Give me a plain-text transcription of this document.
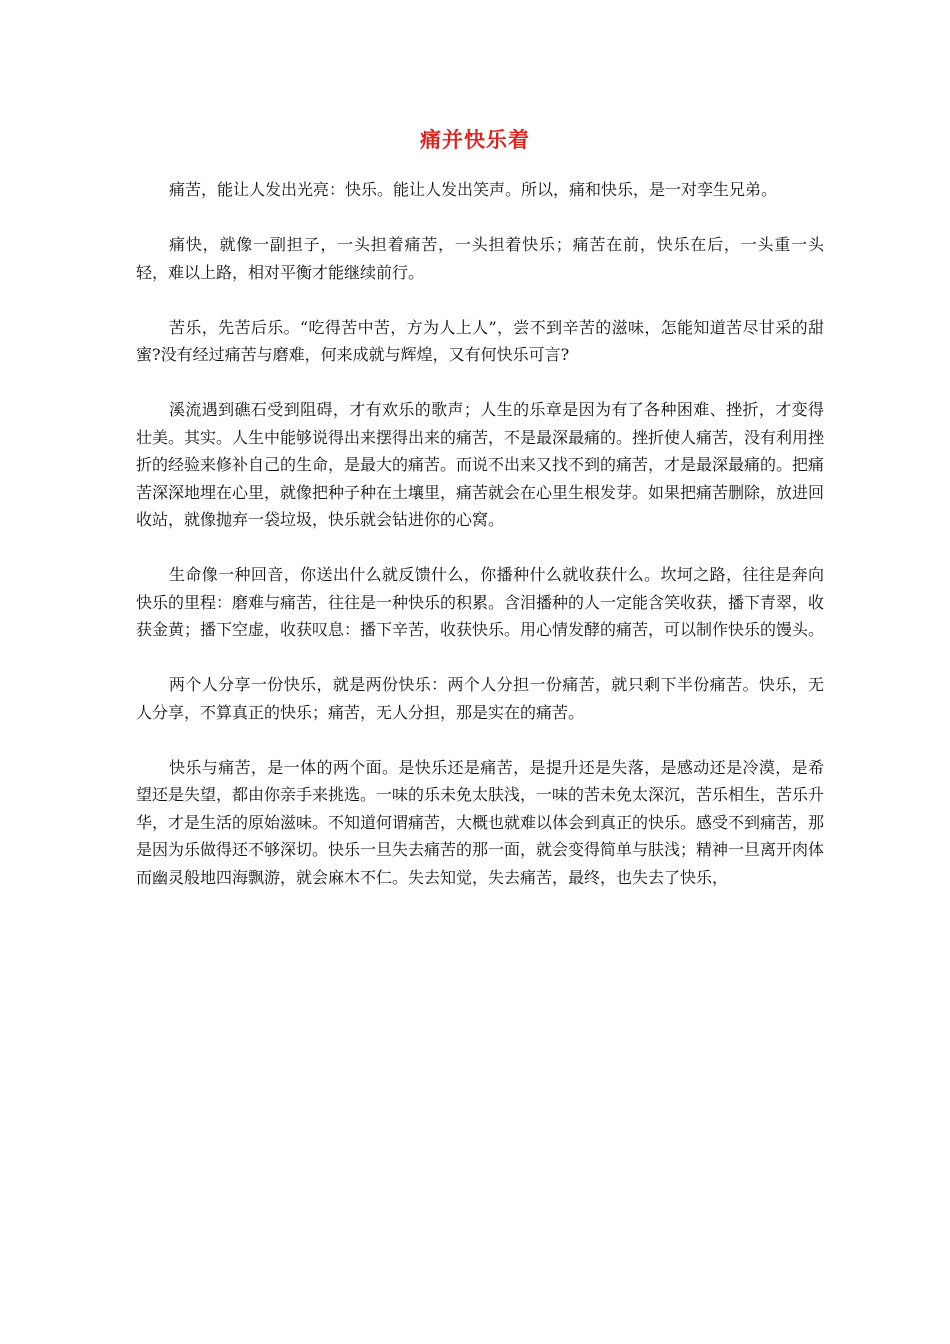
痛并快乐着

痛苦，能让人发出光亮：快乐。能让人发出笑声。所以，痛和快乐，是一对孪生兄弟。

痛快，就像一副担子，一头担着痛苦，一头担着快乐；痛苦在前，快乐在后，一头重一头轻，难以上路，相对平衡才能继续前行。

苦乐，先苦后乐。“吃得苦中苦，方为人上人”，尝不到辛苦的滋味，怎能知道苦尽甘采的甜蜜?没有经过痛苦与磨难，何来成就与辉煌，又有何快乐可言?

溪流遇到礁石受到阻碍，才有欢乐的歌声；人生的乐章是因为有了各种困难、挫折，才变得壮美。其实。人生中能够说得出来摆得出来的痛苦，不是最深最痛的。挫折使人痛苦，没有利用挫折的经验来修补自己的生命，是最大的痛苦。而说不出来又找不到的痛苦，才是最深最痛的。把痛苦深深地埋在心里，就像把种子种在土壤里，痛苦就会在心里生根发芽。如果把痛苦删除，放进回收站，就像抛弃一袋垃圾，快乐就会钻进你的心窝。

生命像一种回音，你送出什么就反馈什么，你播种什么就收获什么。坎坷之路，往往是奔向快乐的里程：磨难与痛苦，往往是一种快乐的积累。含泪播种的人一定能含笑收获，播下青翠，收获金黄；播下空虚，收获叹息：播下辛苦，收获快乐。用心情发酵的痛苦，可以制作快乐的馒头。

两个人分享一份快乐，就是两份快乐：两个人分担一份痛苦，就只剩下半份痛苦。快乐，无人分享，不算真正的快乐；痛苦，无人分担，那是实在的痛苦。

快乐与痛苦，是一体的两个面。是快乐还是痛苦，是提升还是失落，是感动还是冷漠，是希望还是失望，都由你亲手来挑选。一味的乐未免太肤浅，一味的苦未免太深沉，苦乐相生，苦乐升华，才是生活的原始滋味。不知道何谓痛苦，大概也就难以体会到真正的快乐。感受不到痛苦，那是因为乐做得还不够深切。快乐一旦失去痛苦的那一面，就会变得简单与肤浅；精神一旦离开肉体而幽灵般地四海飘游，就会麻木不仁。失去知觉，失去痛苦，最终，也失去了快乐，
